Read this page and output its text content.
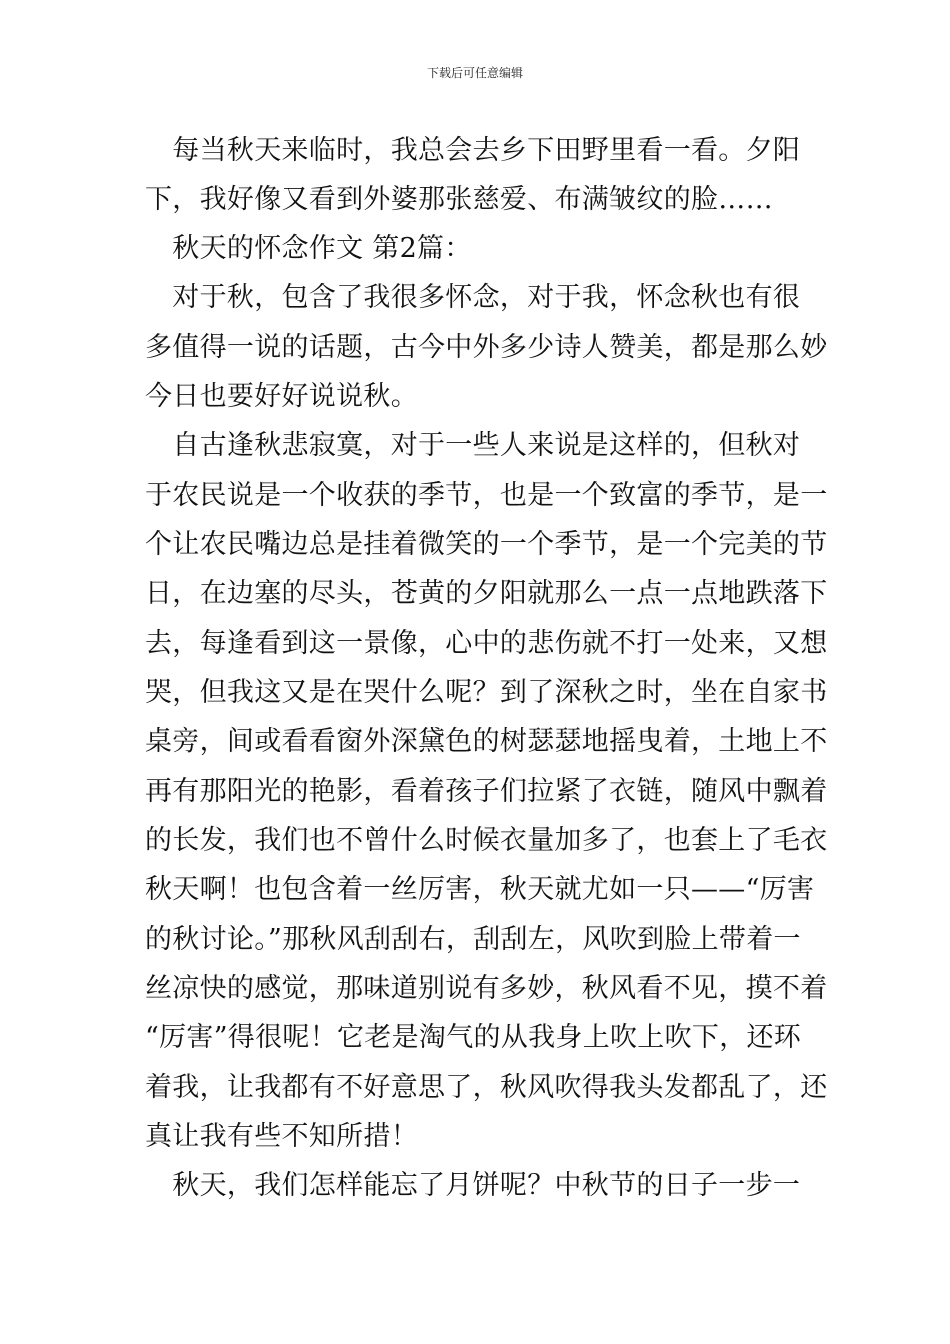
下载后可任意编辑
　每当秋天来临时，我总会去乡下田野里看一看。夕阳
下，我好像又看到外婆那张慈爱、布满皱纹的脸……
　秋天的怀念作文 第2篇：
　对于秋，包含了我很多怀念，对于我，怀念秋也有很
多值得一说的话题，古今中外多少诗人赞美，都是那么妙
今日也要好好说说秋。
　自古逢秋悲寂寞，对于一些人来说是这样的，但秋对
于农民说是一个收获的季节，也是一个致富的季节，是一
个让农民嘴边总是挂着微笑的一个季节，是一个完美的节
日，在边塞的尽头，苍黄的夕阳就那么一点一点地跌落下
去，每逢看到这一景像，心中的悲伤就不打一处来，又想
哭，但我这又是在哭什么呢？到了深秋之时，坐在自家书
桌旁，间或看看窗外深黛色的树瑟瑟地摇曳着，土地上不
再有那阳光的艳影，看着孩子们拉紧了衣链，随风中飘着
的长发，我们也不曾什么时候衣量加多了，也套上了毛衣
秋天啊！也包含着一丝厉害，秋天就尤如一只——“厉害
的秋讨论。”那秋风刮刮右，刮刮左，风吹到脸上带着一
丝凉快的感觉，那味道别说有多妙，秋风看不见，摸不着
“厉害”得很呢！它老是淘气的从我身上吹上吹下，还环
着我，让我都有不好意思了，秋风吹得我头发都乱了，还
真让我有些不知所措！
　秋天，我们怎样能忘了月饼呢？中秋节的日子一步一
